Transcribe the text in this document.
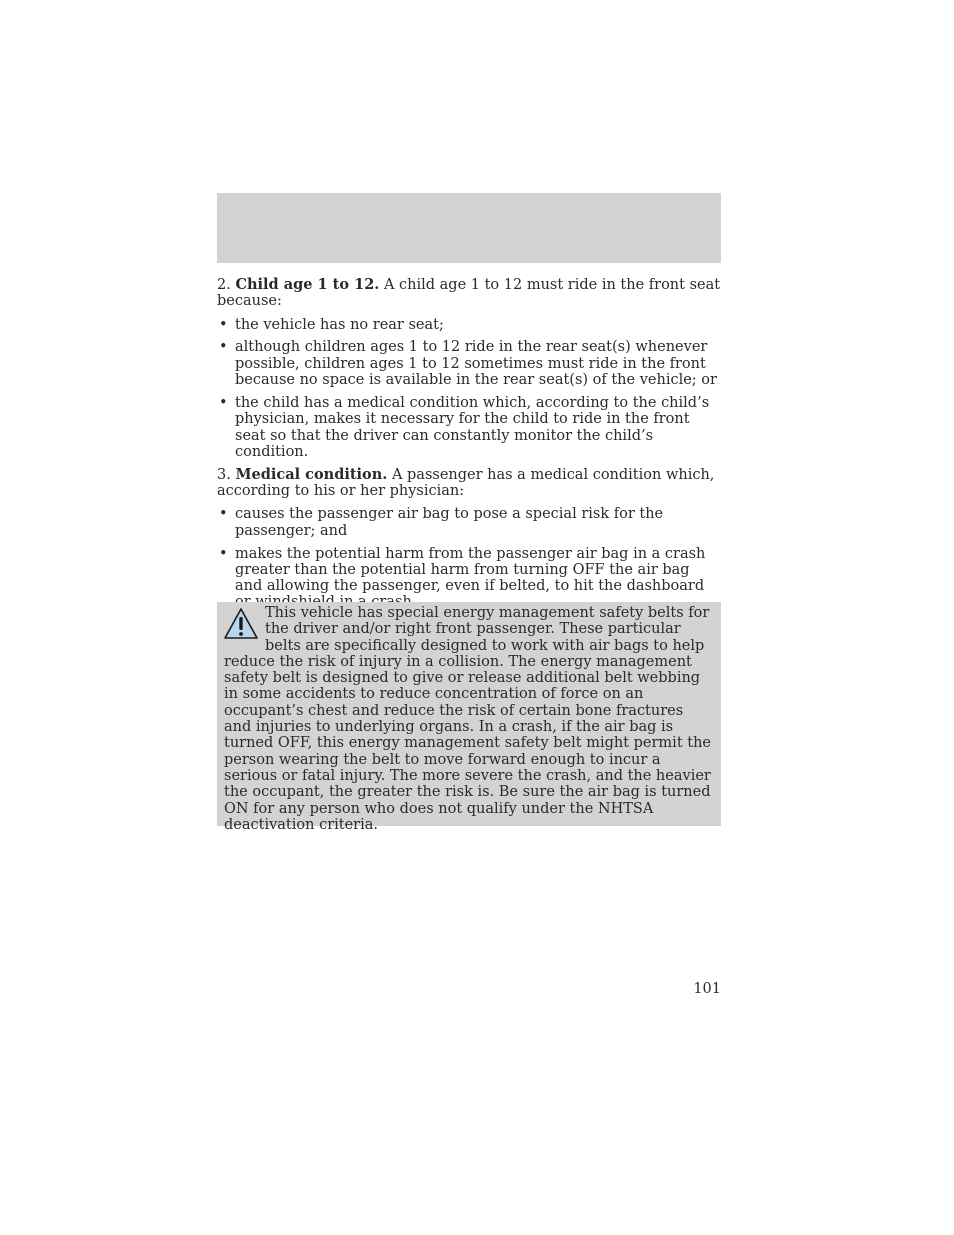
2. Child age 1 to 12. A child age 1 to 12 must ride in the front seat because:

• the vehicle has no rear seat;
• although children ages 1 to 12 ride in the rear seat(s) whenever possible, children ages 1 to 12 sometimes must ride in the front because no space is available in the rear seat(s) of the vehicle; or
• the child has a medical condition which, according to the child’s physician, makes it necessary for the child to ride in the front seat so that the driver can constantly monitor the child’s condition.

3. Medical condition. A passenger has a medical condition which, according to his or her physician:

• causes the passenger air bag to pose a special risk for the passenger; and
• makes the potential harm from the passenger air bag in a crash greater than the potential harm from turning OFF the air bag and allowing the passenger, even if belted, to hit the dashboard
This vehicle has special energy management safety belts for the driver and/or right front passenger. These particular belts are specifically designed to work with air bags to help reduce the risk of injury in a collision. The energy management safety belt is designed to give or release additional belt webbing in some accidents to reduce concentration of force on an occupant’s chest and reduce the risk of certain bone fractures and injuries to underlying organs. In a crash, if the air bag is turned OFF, this energy management safety belt might permit the person wearing the belt to move forward enough to incur a serious or fatal injury. The more severe the crash, and the heavier the occupant, the greater the risk is. Be sure the air bag is turned ON for any person who does not qualify under the NHTSA deactivation criteria.
101
